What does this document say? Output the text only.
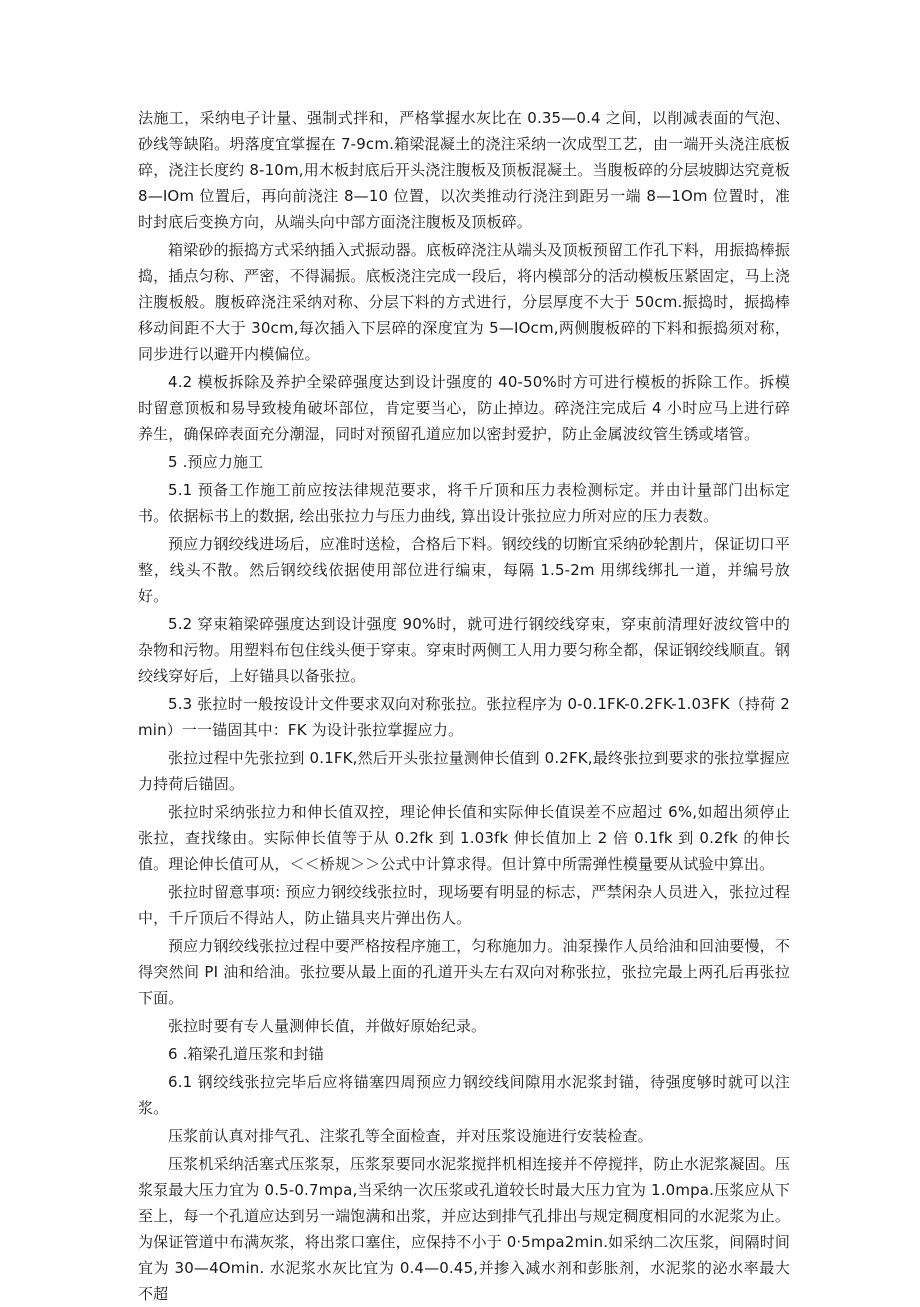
法施工，采纳电子计量、强制式拌和，严格掌握水灰比在 0.35—0.4 之间，以削减表面的气泡、砂线等缺陷。坍落度宜掌握在 7-9cm.箱梁混凝土的浇注采纳一次成型工艺，由一端开头浇注底板碎，浇注长度约 8-10m,用木板封底后开头浇注腹板及顶板混凝土。当腹板碎的分层坡脚达究竟板8—IOm 位置后，再向前浇注 8—10 位置，以次类推动行浇注到距另一端 8—1Om 位置时，准时封底后变换方向，从端头向中部方面浇注腹板及顶板碎。

箱梁砂的振捣方式采纳插入式振动器。底板碎浇注从端头及顶板预留工作孔下料，用振捣棒振捣，插点匀称、严密，不得漏振。底板浇注完成一段后，将内模部分的活动模板压紧固定，马上浇注腹板般。腹板碎浇注采纳对称、分层下料的方式进行，分层厚度不大于 50cm.振捣时，振捣棒移动间距不大于 30cm,每次插入下层碎的深度宜为 5—IOcm,两侧腹板碎的下料和振捣须对称，同步进行以避开内模偏位。

4.2 模板拆除及养护全梁碎强度达到设计强度的 40-50%时方可进行模板的拆除工作。拆模时留意顶板和易导致棱角破坏部位，肯定要当心，防止掉边。碎浇注完成后 4 小时应马上进行碎养生，确保碎表面充分潮湿，同时对预留孔道应加以密封爱护，防止金属波纹管生锈或堵管。

5 .预应力施工

5.1 预备工作施工前应按法律规范要求，将千斤顶和压力表检测标定。并由计量部门出标定书。依据标书上的数据, 绘出张拉力与压力曲线, 算出设计张拉应力所对应的压力表数。

预应力钢绞线进场后，应准时送检，合格后下料。钢绞线的切断宜采纳砂轮割片，保证切口平整，线头不散。然后钢绞线依据使用部位进行编束，每隔 1.5-2m 用绑线绑扎一道，并编号放好。

5.2 穿束箱梁碎强度达到设计强度 90%时，就可进行钢绞线穿束，穿束前清理好波纹管中的杂物和污物。用塑料布包住线头便于穿束。穿束时两侧工人用力要匀称全都，保证钢绞线顺直。钢绞线穿好后，上好锚具以备张拉。

5.3 张拉时一般按设计文件要求双向对称张拉。张拉程序为 0-0.1FK-0.2FK-1.03FK（持荷 2min）一一锚固其中：FK 为设计张拉掌握应力。

张拉过程中先张拉到 0.1FK,然后开头张拉量测伸长值到 0.2FK,最终张拉到要求的张拉掌握应力持荷后锚固。

张拉时采纳张拉力和伸长值双控，理论伸长值和实际伸长值误差不应超过 6%,如超出须停止张拉，查找缘由。实际伸长值等于从 0.2fk 到 1.03fk 伸长值加上 2 倍 0.1fk 到 0.2fk 的伸长值。理论伸长值可从，＜＜桥规＞＞公式中计算求得。但计算中所需弹性模量要从试验中算出。

张拉时留意事项: 预应力钢绞线张拉时，现场要有明显的标志，严禁闲杂人员进入，张拉过程中，千斤顶后不得站人，防止锚具夹片弹出伤人。

预应力钢绞线张拉过程中要严格按程序施工，匀称施加力。油泵操作人员给油和回油要慢，不得突然间 PI 油和给油。张拉要从最上面的孔道开头左右双向对称张拉，张拉完最上两孔后再张拉下面。

张拉时要有专人量测伸长值，并做好原始纪录。

6 .箱梁孔道压浆和封锚

6.1 钢绞线张拉完毕后应将锚塞四周预应力钢绞线间隙用水泥浆封锚，待强度够时就可以注浆。

压浆前认真对排气孔、注浆孔等全面检查，并对压浆设施进行安装检查。

压浆机采纳活塞式压浆泵，压浆泵要同水泥浆搅拌机相连接并不停搅拌，防止水泥浆凝固。压浆泵最大压力宜为 0.5-0.7mpa,当采纳一次压浆或孔道较长时最大压力宜为 1.0mpa.压浆应从下至上，每一个孔道应达到另一端饱满和出浆，并应达到排气孔排出与规定稠度相同的水泥浆为止。为保证管道中布满灰浆，将出浆口塞住，应保持不小于 0·5mpa2min.如采纳二次压浆，间隔时间宜为 30—4Omin. 水泥浆水灰比宜为 0.4—0.45,并掺入减水剂和彭胀剂，水泥浆的泌水率最大不超
